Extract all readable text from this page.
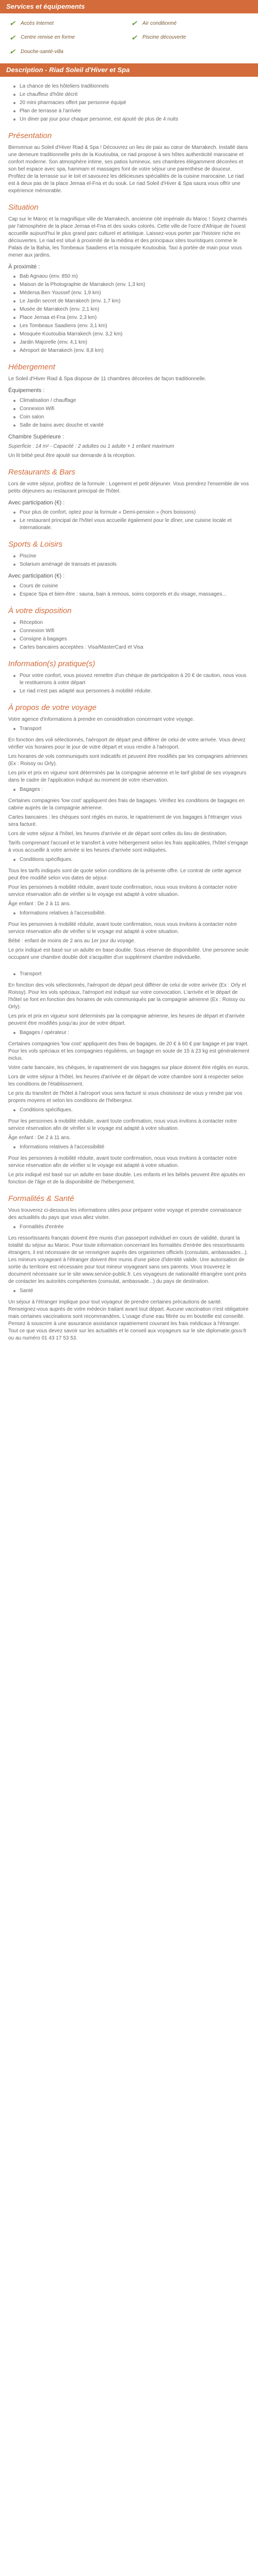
Services et équipements
✔	Accès Internet	✔	Air conditionné
✔	Centre remise en forme	✔	Piscine découverte
✔	Douche-santé-villa
Description - Riad Soleil d'Hiver et Spa
La chance de les hôteliers traditionnels
Le chauffeur d'hôte décrit
20 mini pharmacies offert par personne équipé
Plan de terrasse à l'arrivée
Un diner par jour pour chaque personne, est ajouté de plus de 4 nuits
Présentation

Bienvenue au Soleil d'Hiver Riad & Spa ! Découvrez un lieu de paix au cœur de Marrakech. Installé dans une demeure traditionnelle près de la Koutoubia, ce riad propose à ses hôtes authenticité marocaine et confort moderne. Son atmosphère intime, ses patios lumineux, ses chambres élégamment décorées et son bel espace avec spa, hammam et massages font de votre séjour une parenthèse de douceur. Profitez de la terrasse sur le toit et savourez les délicieuses spécialités de la cuisine marocaine. Le riad est à deux pas de la place Jemaa el-Fna et du souk. Le riad Soleil d'Hiver & Spa saura vous offrir une expérience mémorable.

Situation

Cap sur le Maroc et la magnifique ville de Marrakech, ancienne cité impériale du Maroc ! Soyez charmés par l'atmosphère de la place Jemaa el-Fna et des souks colorés. Cette ville de l'ocre d'Afrique de l'ouest accueille aujourd'hui le plus grand parc culturel et artistique. Laissez-vous porter par l'histoire riche en découvertes. Le riad est situé à proximité de la médina et des principaux sites touristiques comme le Palais de la Bahia, les Tombeaux Saadiens et la mosquée Koutoubia. Taxi à portée de main pour vous mener aux jardins.

À proximité :
Bab Agnaou (env. 850 m)
Maison de la Photographie de Marrakech (env. 1,3 km)
Médersa Ben Youssef (env. 1,9 km)
Le Jardin secret de Marrakech (env. 1,7 km)
Musée de Marrakech (env. 2,1 km)
Place Jemaa el-Fna (env. 2,3 km)
Les Tombeaux Saadiens (env. 3,1 km)
Mosquée Koutoubia Marrakech (env. 3,2 km)
Jardin Majorelle (env. 4,1 km)
Aéroport de Marrakech (env. 8,8 km)
Hébergement

Le Soleil d'Hiver Riad & Spa dispose de 11 chambres décorées de façon traditionnelle.

Équipements :
Climatisation / chauffage
Connexion Wifi
Coin salon
Salle de bains avec douche et vanité
Chambre Supérieure :

Superficie : 14 m² - Capacité : 2 adultes ou 1 adulte + 1 enfant maximum

Un lit bébé peut être ajouté sur demande à la réception.

Restaurants & Bars

Lors de votre séjour, profitez de la formule : Logement et petit déjeuner. Vous prendrez l'ensemble de vos petits déjeuners au restaurant principal de l'hôtel.

Avec participation (€) :
Pour plus de confort, optez pour la formule « Demi-pension » (hors boissons)
Le restaurant principal de l'hôtel vous accueille également pour le dîner, une cuisine locale et internationale.
Sports & Loisirs
Piscine
Solarium aménagé de transats et parasols
Avec participation (€) :
Cours de cuisine
Espace Spa et bien-être : sauna, bain à remous, soins corporels et du visage, massages...
À votre disposition
Réception
Connexion Wifi
Consigne à bagages
Cartes bancaires acceptées : Visa/MasterCard et Visa
Information(s) pratique(s)
Pour votre confort, vous pouvez remettre d'un chèque de participation à 20 € de caution, nous vous le restituerons à votre départ
Le riad n'est pas adapté aux personnes à mobilité réduite.
À propos de votre voyage

Votre agence d'informations à prendre en considération concernant votre voyage.

Transport

En fonction des voli sélectionnés, l'aéroport de départ peut différer de celui de votre arrivée. Vous devez vérifier vos horaires pour le jour de votre départ et vous rendre à l'aéroport.

Les horaires de vols communiqués sont indicatifs et peuvent être modifiés par les compagnies aériennes (Ex : Roissy ou Orly).

Les prix et prix en vigueur sont déterminés par la compagnie aérienne et le tarif global de ses voyageurs dans le cadre de l'application indiqué au moment de votre réservation.

Bagages :

Certaines compagnies 'low cost' appliquent des frais de bagages. Vérifiez les conditions de bagages en cabine auprès de la compagnie aérienne.

Cartes bancaires : les chèques sont réglés en euros, le rapatriement de vos bagages à l'étranger vous sera facturé.

Lors de votre séjour à l'hôtel, les heures d'arrivée et de départ sont celles du lieu de destination.

Tarifs comprenant l'accueil et le transfert à votre hébergement selon les frais applicables, l'hôtel s'engage à vous accueillir à votre arrivée si les heures d'arrivée sont indiquées.

Conditions spécifiques.

Tous les tarifs indiqués sont de quote selon conditions de la présente offre. Le contrat de cette agence peut être modifié selon vos dates de séjour.

Pour les personnes à mobilité réduite, avant toute confirmation, nous vous invitons à contacter notre service réservation afin de vérifier si le voyage est adapté à votre situation.

Âge enfant : De 2 à 11 ans.

Informations relatives à l'accessibilité.

Pour les personnes à mobilité réduite, avant toute confirmation, nous vous invitons à contacter notre service réservation afin de vérifier si le voyage est adapté à votre situation.

Bébé : enfant de moins de 2 ans au 1er jour du voyage.

Le prix indiqué est basé sur un adulte en base double. Sous réserve de disponibilité. Une personne seule occupant une chambre double doit s'acquitter d'un supplément chambre individuelle.

Transport

En fonction des vols sélectionnés, l'aéroport de départ peut différer de celui de votre arrivée (Ex : Orly et Roissy). Pour les vols spéciaux, l'aéroport est indiqué sur votre convocation. L'arrivée et le départ de l'hôtel se font en fonction des horaires de vols communiqués par la compagnie aérienne (Ex : Roissy ou Orly).

Les prix et prix en vigueur sont déterminés par la compagnie aérienne, les heures de départ et d'arrivée peuvent être modifiés jusqu'au jour de votre départ.

Bagages / opérateur :

Certaines compagnies 'low cost' appliquent des frais de bagages, de 20 € à 60 € par bagage et par trajet. Pour les vols spéciaux et les compagnies régulières, un bagage en soute de 15 à 23 kg est généralement inclus.

Votre carte bancaire, les chèques, le rapatriement de vos bagages sur place doivent être réglés en euros.

Lors de votre séjour à l'hôtel, les heures d'arrivée et de départ de votre chambre sont à respecter selon les conditions de l'établissement.

Le prix du transfert de l'hôtel à l'aéroport vous sera facturé si vous choisissez de vous y rendre par vos propres moyens et selon les conditions de l'hébergeur.

Conditions spécifiques.

Pour les personnes à mobilité réduite, avant toute confirmation, nous vous invitons à contacter notre service réservation afin de vérifier si le voyage est adapté à votre situation.

Âge enfant : De 2 à 11 ans.

Informations relatives à l'accessibilité

Pour les personnes à mobilité réduite, avant toute confirmation, nous vous invitons à contacter notre service réservation afin de vérifier si le voyage est adapté à votre situation.

Le prix indiqué est basé sur un adulte en base double. Les enfants et les bébés peuvent être ajoutés en fonction de l'âge et de la disponibilité de l'hébergement.

Formalités & Santé

Vous trouverez ci-dessous les informations utiles pour préparer votre voyage et prendre connaissance des actualités du pays que vous allez visiter.

Formalités d'entrée

Les ressortissants français doivent être munis d'un passeport individuel en cours de validité, durant la totalité du séjour au Maroc. Pour toute information concernant les formalités d'entrée des ressortissants étrangers, il est nécessaire de se renseigner auprès des organismes officiels (consulats, ambassades...). Les mineurs voyageant à l'étranger doivent être munis d'une pièce d'identité valide. Une autorisation de sortie du territoire est nécessaire pour tout mineur voyageant sans ses parents. Vous trouverez le document nécessaire sur le site www.service-public.fr. Les voyageurs de nationalité étrangère sont priés de contacter les autorités compétentes (consulat, ambassade...) du pays de destination.

Santé

Un séjour à l'étranger implique pour tout voyageur de prendre certaines précautions de santé. Renseignez-vous auprès de votre médecin traitant avant tout départ. Aucune vaccination n'est obligatoire mais certaines vaccinations sont recommandées. L'usage d'une eau filtrée ou en bouteille est conseillé. Pensez à souscrire à une assurance assistance rapatriement couvrant les frais médicaux à l'étranger. Tout ce que vous devez savoir sur les actualités et le conseil aux voyageurs sur le site diplomatie.gouv.fr ou au numéro 01 43 17 53 53.
